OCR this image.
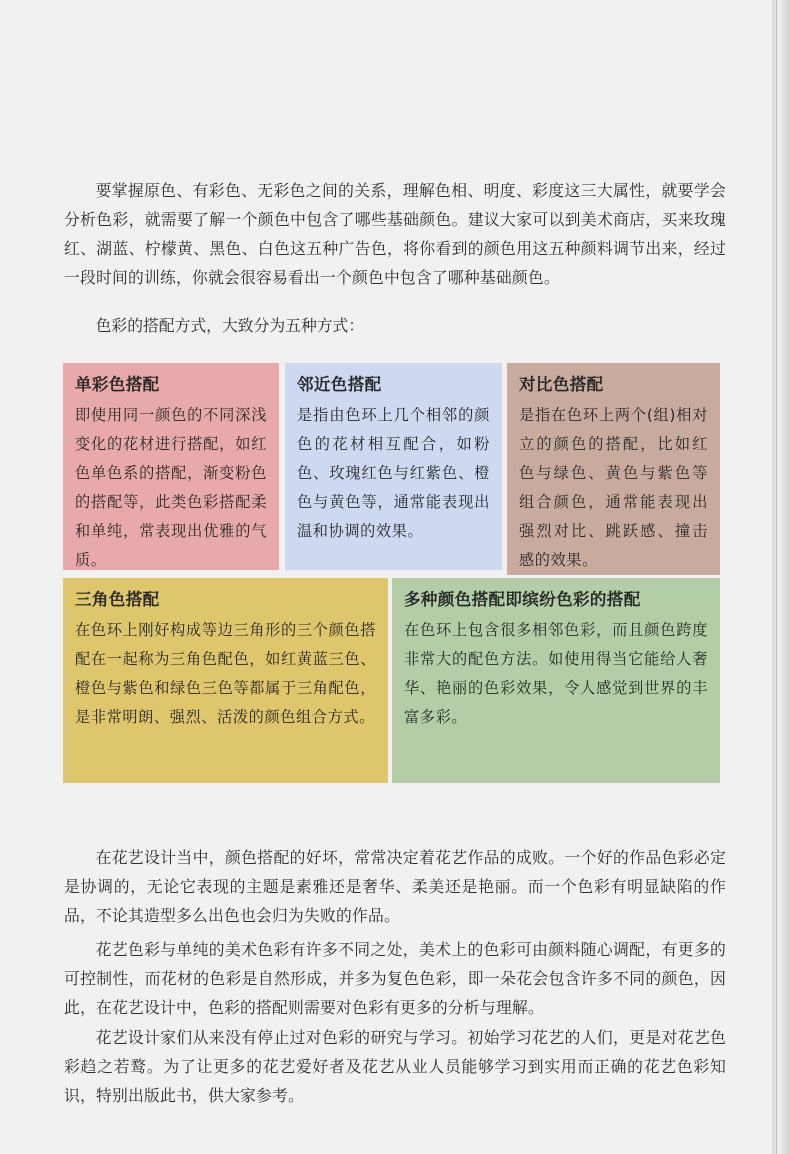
要掌握原色、有彩色、无彩色之间的关系，理解色相、明度、彩度这三大属性，就要学会分析色彩，就需要了解一个颜色中包含了哪些基础颜色。建议大家可以到美术商店，买来玫瑰红、湖蓝、柠檬黄、黑色、白色这五种广告色，将你看到的颜色用这五种颜料调节出来，经过一段时间的训练，你就会很容易看出一个颜色中包含了哪种基础颜色。

色彩的搭配方式，大致分为五种方式：

单彩色搭配
即使用同一颜色的不同深浅变化的花材进行搭配，如红色单色系的搭配，渐变粉色的搭配等，此类色彩搭配柔和单纯，常表现出优雅的气质。
邻近色搭配
是指由色环上几个相邻的颜色的花材相互配合，如粉色、玫瑰红色与红紫色、橙色与黄色等，通常能表现出温和协调的效果。
对比色搭配
是指在色环上两个(组)相对立的颜色的搭配，比如红色与绿色、黄色与紫色等组合颜色，通常能表现出强烈对比、跳跃感、撞击感的效果。
三角色搭配
在色环上刚好构成等边三角形的三个颜色搭配在一起称为三角色配色，如红黄蓝三色、橙色与紫色和绿色三色等都属于三角配色，是非常明朗、强烈、活泼的颜色组合方式。
多种颜色搭配即缤纷色彩的搭配
在色环上包含很多相邻色彩，而且颜色跨度非常大的配色方法。如使用得当它能给人奢华、艳丽的色彩效果，令人感觉到世界的丰富多彩。

在花艺设计当中，颜色搭配的好坏，常常决定着花艺作品的成败。一个好的作品色彩必定是协调的，无论它表现的主题是素雅还是奢华、柔美还是艳丽。而一个色彩有明显缺陷的作品，不论其造型多么出色也会归为失败的作品。

花艺色彩与单纯的美术色彩有许多不同之处，美术上的色彩可由颜料随心调配，有更多的可控制性，而花材的色彩是自然形成，并多为复色色彩，即一朵花会包含许多不同的颜色，因此，在花艺设计中，色彩的搭配则需要对色彩有更多的分析与理解。

花艺设计家们从来没有停止过对色彩的研究与学习。初始学习花艺的人们，更是对花艺色彩趋之若鹜。为了让更多的花艺爱好者及花艺从业人员能够学习到实用而正确的花艺色彩知识，特别出版此书，供大家参考。
